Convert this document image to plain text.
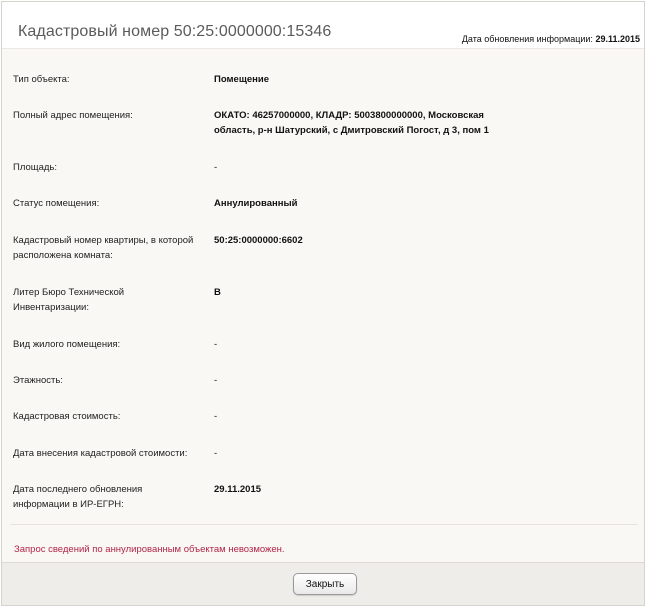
Кадастровый номер 50:25:0000000:15346	Дата обновления информации: 29.11.2015
Тип объекта:	Помещение
Полный адрес помещения:	ОКАТО: 46257000000, КЛАДР: 5003800000000, Московская
область, р-н Шатурский, с Дмитровский Погост, д 3, пом 1
Площадь:	-
Статус помещения:	Аннулированный
Кадастровый номер квартиры, в которой
расположена комната:
50:25:0000000:6602
Литер Бюро Технической
Инвентаризации:
В
Вид жилого помещения:	-
Этажность:	-
Кадастровая стоимость:	-
Дата внесения кадастровой стоимости:	-
Дата последнего обновления
информации в ИР-ЕГРН:
29.11.2015
Запрос сведений по аннулированным объектам невозможен.
Закрыть
